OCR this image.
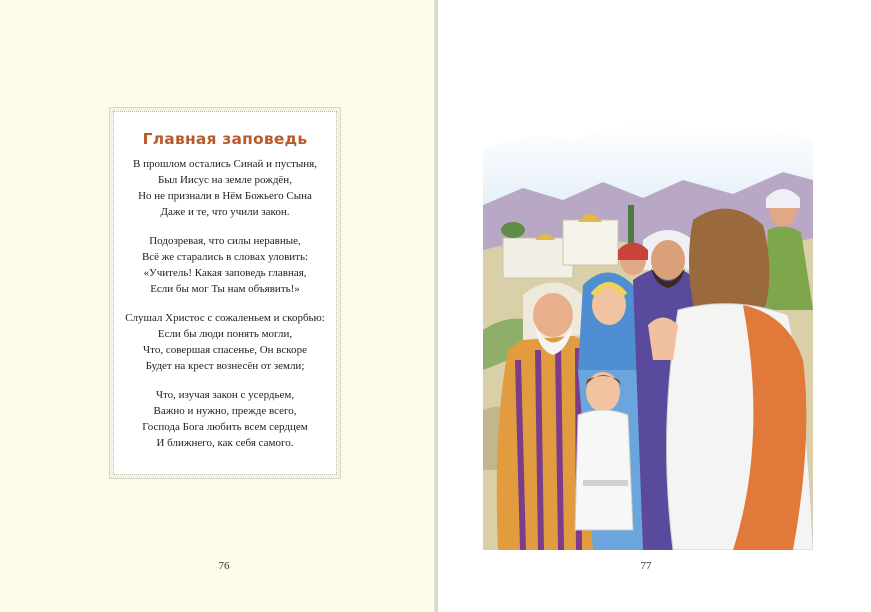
Главная заповедь
В прошлом остались Синай и пустыня,
Был Иисус на земле рождён,
Но не признали в Нём Божьего Сына
Даже и те, что учили закон.
Подозревая, что силы неравные,
Всё же старались в словах уловить:
«Учитель! Какая заповедь главная,
Если бы мог Ты нам объявить!»
Слушал Христос с сожаленьем и скорбью:
Если бы люди понять могли,
Что, совершая спасенье, Он вскоре
Будет на крест вознесён от земли;
Что, изучая закон с усердьем,
Важно и нужно, прежде всего,
Господа Бога любить всем сердцем
И ближнего, как себя самого.
76	77
